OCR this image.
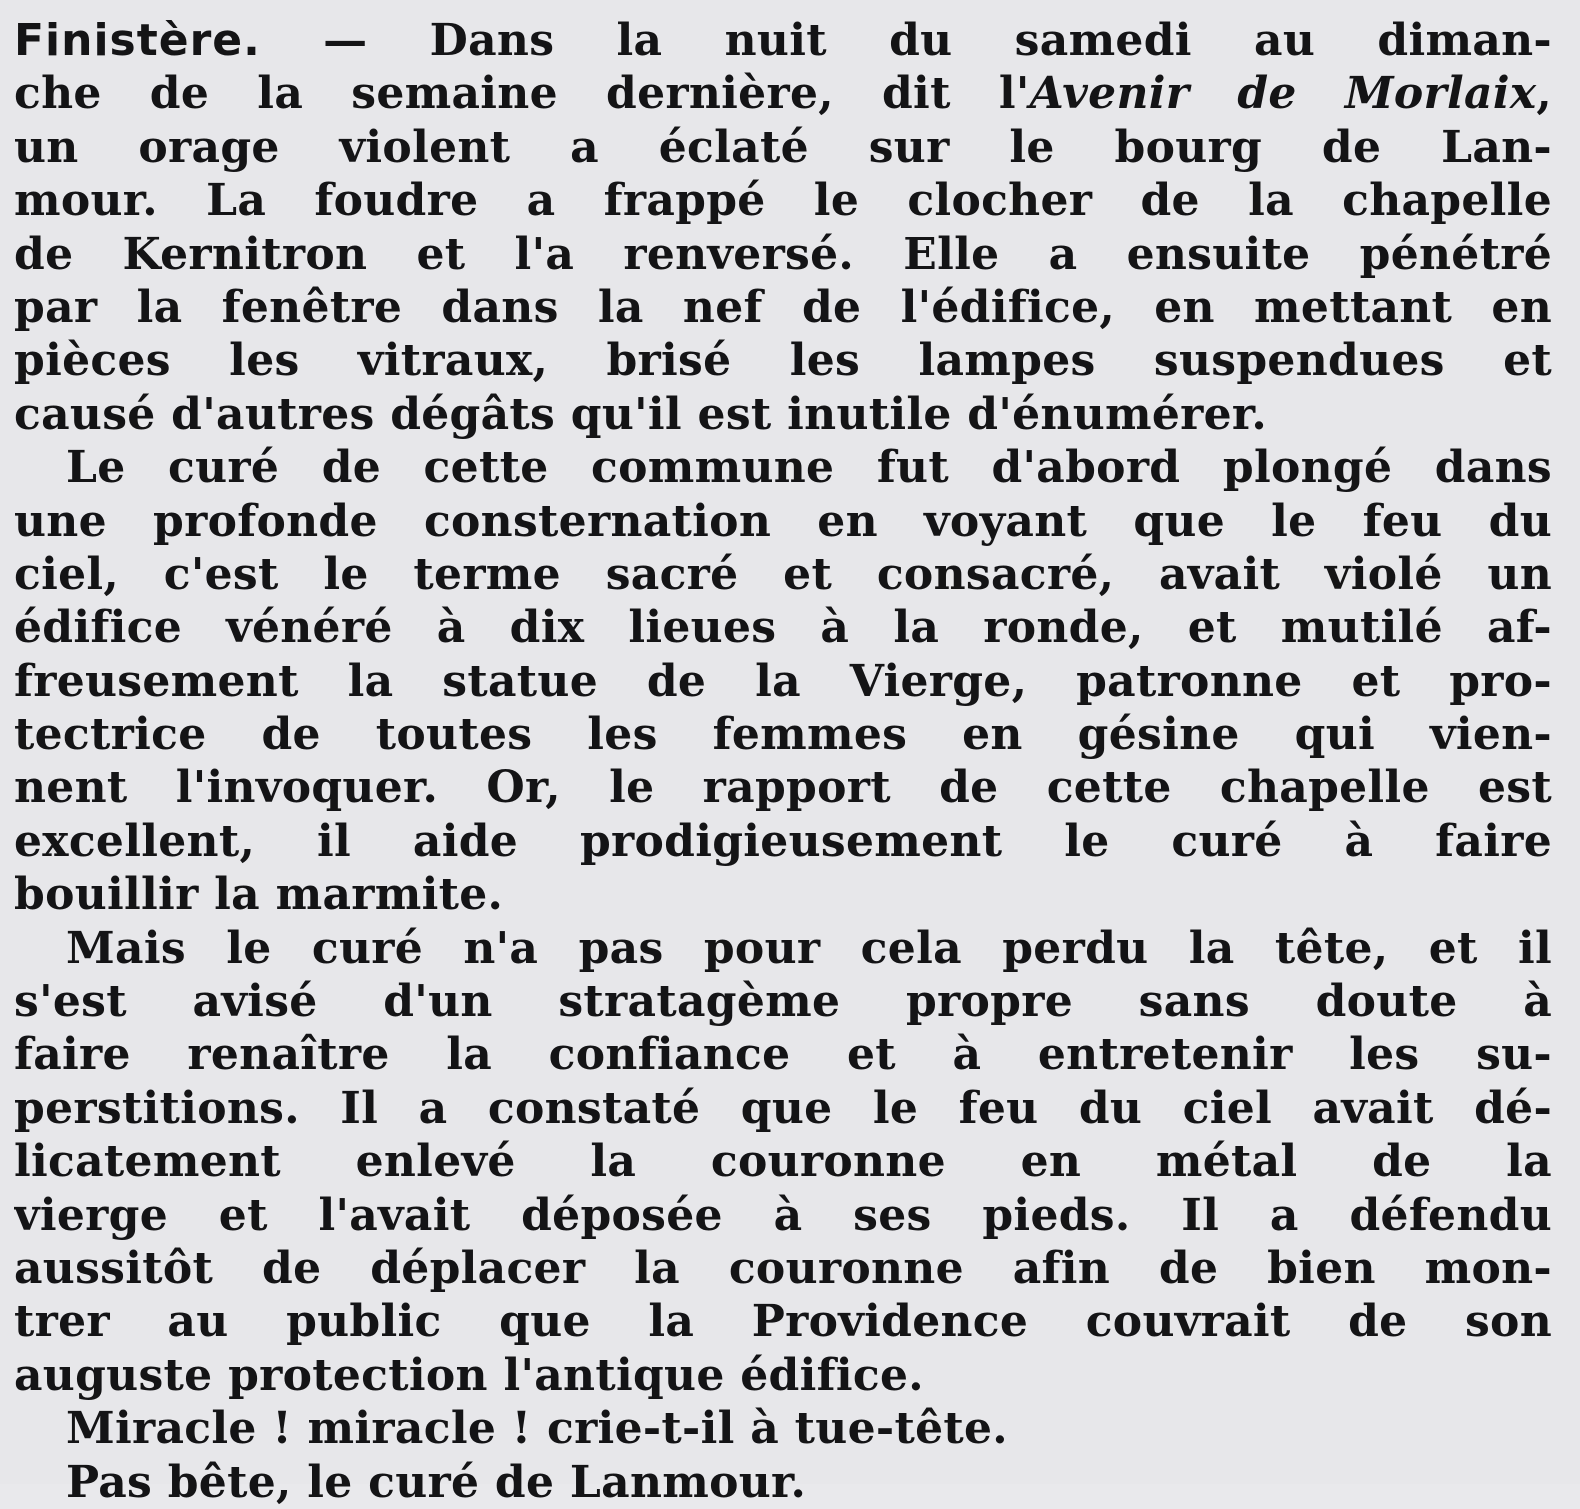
Finistère. — Dans la nuit du samedi au diman-
che de la semaine dernière, dit l'Avenir de Morlaix,
un orage violent a éclaté sur le bourg de Lan-
mour. La foudre a frappé le clocher de la chapelle
de Kernitron et l'a renversé. Elle a ensuite pénétré
par la fenêtre dans la nef de l'édifice, en mettant en
pièces les vitraux, brisé les lampes suspendues et
causé d'autres dégâts qu'il est inutile d'énumérer.
Le curé de cette commune fut d'abord plongé dans
une profonde consternation en voyant que le feu du
ciel, c'est le terme sacré et consacré, avait violé un
édifice vénéré à dix lieues à la ronde, et mutilé af-
freusement la statue de la Vierge, patronne et pro-
tectrice de toutes les femmes en gésine qui vien-
nent l'invoquer. Or, le rapport de cette chapelle est
excellent, il aide prodigieusement le curé à faire
bouillir la marmite.
Mais le curé n'a pas pour cela perdu la tête, et il
s'est avisé d'un stratagème propre sans doute à
faire renaître la confiance et à entretenir les su-
perstitions. Il a constaté que le feu du ciel avait dé-
licatement enlevé la couronne en métal de la
vierge et l'avait déposée à ses pieds. Il a défendu
aussitôt de déplacer la couronne afin de bien mon-
trer au public que la Providence couvrait de son
auguste protection l'antique édifice.
Miracle ! miracle ! crie-t-il à tue-tête.
Pas bête, le curé de Lanmour.
